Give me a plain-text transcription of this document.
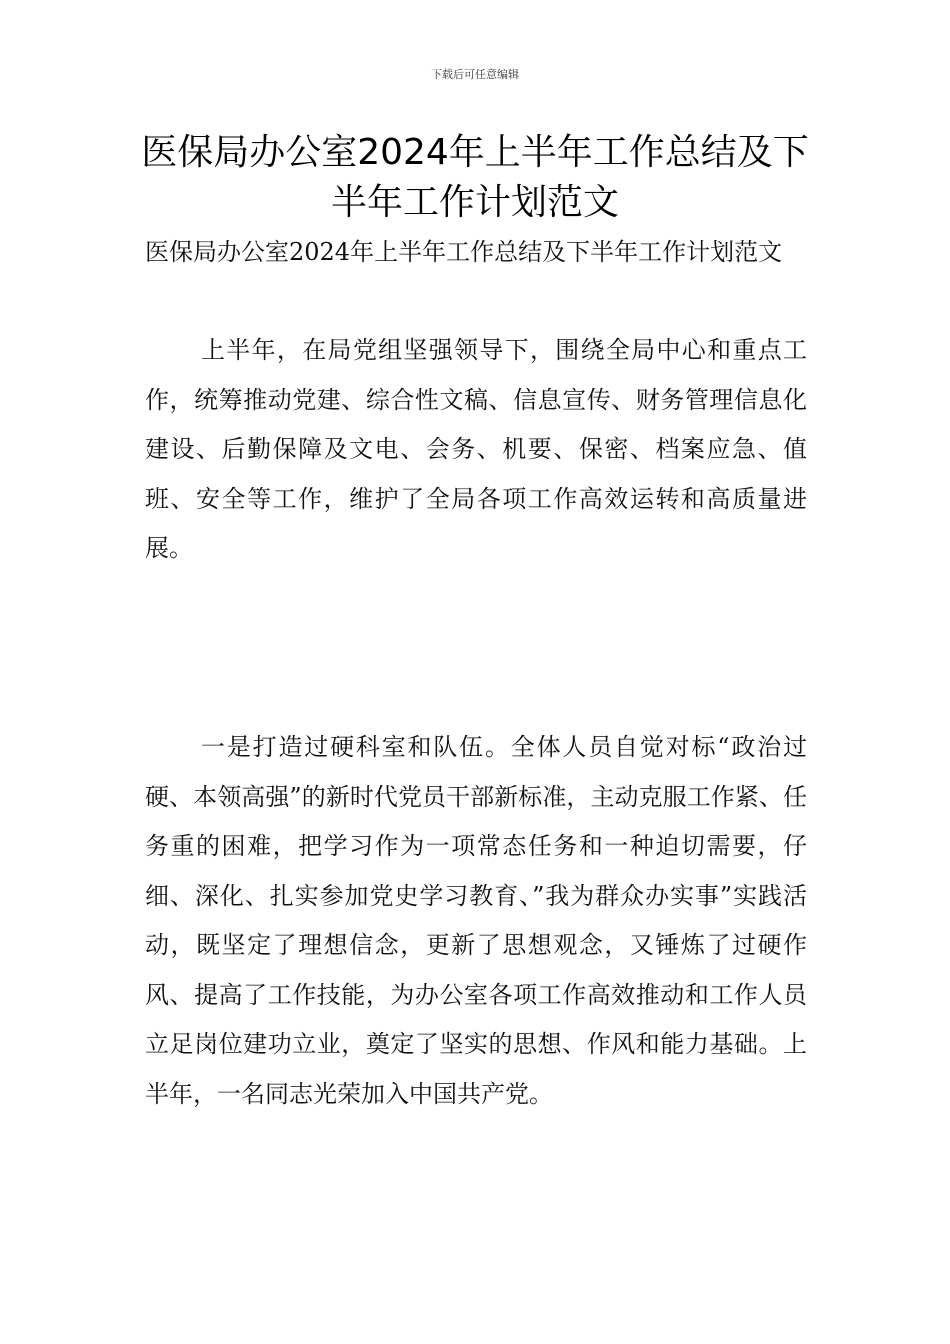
下载后可任意编辑
医保局办公室2024年上半年工作总结及下半年工作计划范文

医保局办公室2024年上半年工作总结及下半年工作计划范文

上半年，在局党组坚强领导下，围绕全局中心和重点工作，统筹推动党建、综合性文稿、信息宣传、财务管理信息化建设、后勤保障及文电、会务、机要、保密、档案应急、值班、安全等工作，维护了全局各项工作高效运转和高质量进展。

一是打造过硬科室和队伍。全体人员自觉对标“政治过硬、本领高强”的新时代党员干部新标准，主动克服工作紧、任务重的困难，把学习作为一项常态任务和一种迫切需要，仔细、深化、扎实参加党史学习教育、”我为群众办实事”实践活动，既坚定了理想信念，更新了思想观念，又锤炼了过硬作风、提高了工作技能，为办公室各项工作高效推动和工作人员立足岗位建功立业，奠定了坚实的思想、作风和能力基础。上半年，一名同志光荣加入中国共产党。
